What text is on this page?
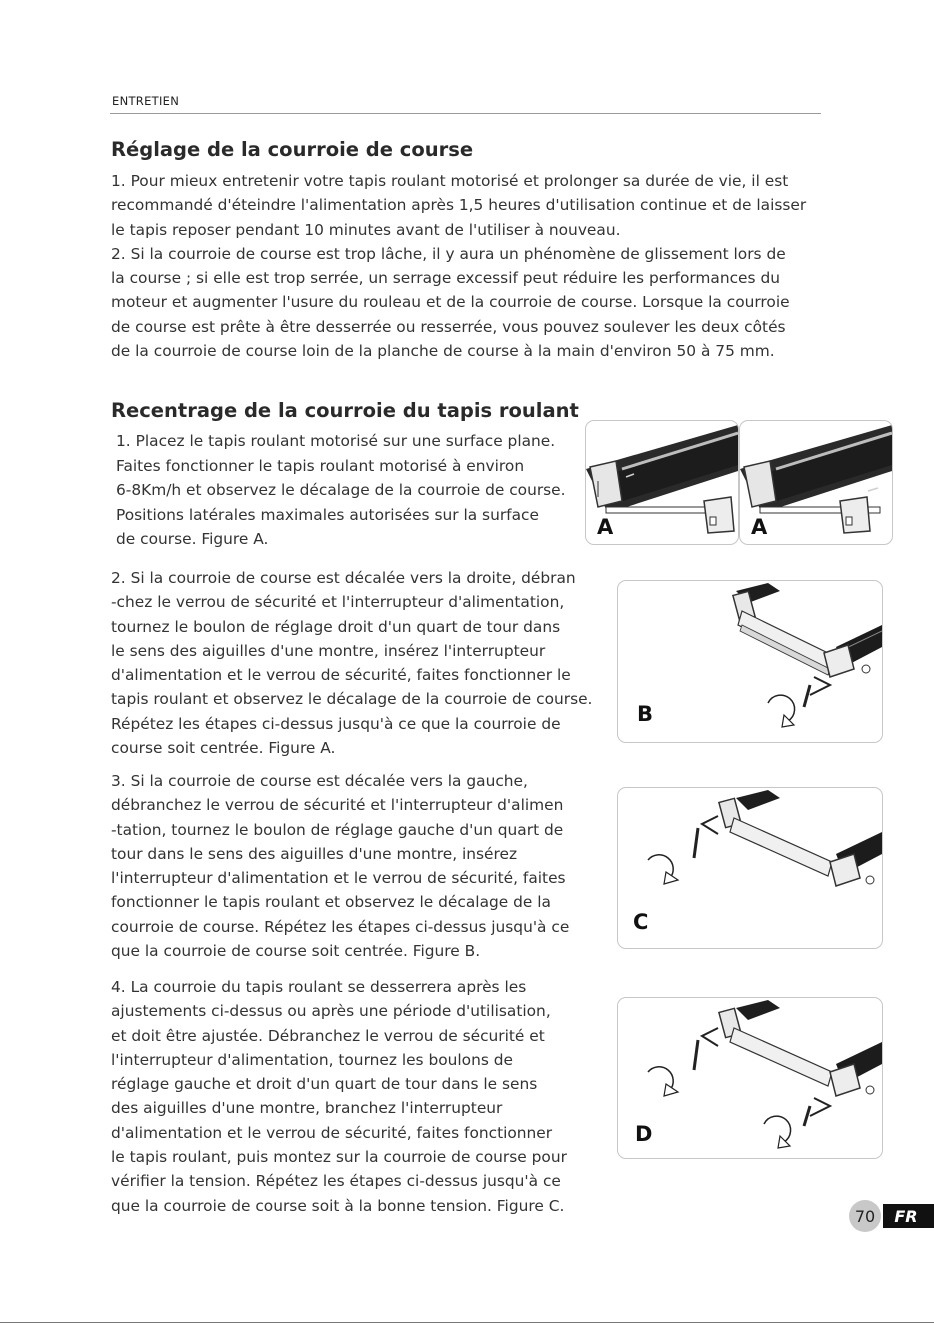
ENTRETIEN
Réglage de la courroie de course
1. Pour mieux entretenir votre tapis roulant motorisé et prolonger sa durée de vie, il est
recommandé d'éteindre l'alimentation après 1,5 heures d'utilisation continue et de laisser
le tapis reposer pendant 10 minutes avant de l'utiliser à nouveau.
2. Si la courroie de course est trop lâche, il y aura un phénomène de glissement lors de
la course ; si elle est trop serrée, un serrage excessif peut réduire les performances du
moteur et augmenter l'usure du rouleau et de la courroie de course. Lorsque la courroie
de course est prête à être desserrée ou resserrée, vous pouvez soulever les deux côtés
de la courroie de course loin de la planche de course à la main d'environ 50 à 75 mm.
Recentrage de la courroie du tapis roulant
1. Placez le tapis roulant motorisé sur une surface plane.
Faites fonctionner le tapis roulant motorisé à environ
6-8Km/h et observez le décalage de la courroie de course.
Positions latérales maximales autorisées sur la surface
de course. Figure A.
2. Si la courroie de course est décalée vers la droite, débran
-chez le verrou de sécurité et l'interrupteur d'alimentation,
tournez le boulon de réglage droit d'un quart de tour dans
le sens des aiguilles d'une montre, insérez l'interrupteur
d'alimentation et le verrou de sécurité, faites fonctionner le
tapis roulant et observez le décalage de la courroie de course.
Répétez les étapes ci-dessus jusqu'à ce que la courroie de
course soit centrée. Figure A.
3. Si la courroie de course est décalée vers la gauche,
débranchez le verrou de sécurité et l'interrupteur d'alimen
-tation, tournez le boulon de réglage gauche d'un quart de
tour dans le sens des aiguilles d'une montre, insérez
l'interrupteur d'alimentation et le verrou de sécurité, faites
fonctionner le tapis roulant et observez le décalage de la
courroie de course. Répétez les étapes ci-dessus jusqu'à ce
que la courroie de course soit centrée. Figure B.
4. La courroie du tapis roulant se desserrera après les
ajustements ci-dessus ou après une période d'utilisation,
et doit être ajustée. Débranchez le verrou de sécurité et
l'interrupteur d'alimentation, tournez les boulons de
réglage gauche et droit d'un quart de tour dans le sens
des aiguilles d'une montre, branchez l'interrupteur
d'alimentation et le verrou de sécurité, faites fonctionner
le tapis roulant, puis montez sur la courroie de course pour
vérifier la tension. Répétez les étapes ci-dessus jusqu'à ce
que la courroie de course soit à la bonne tension. Figure C.
A	A
B
C
D
70	FR
